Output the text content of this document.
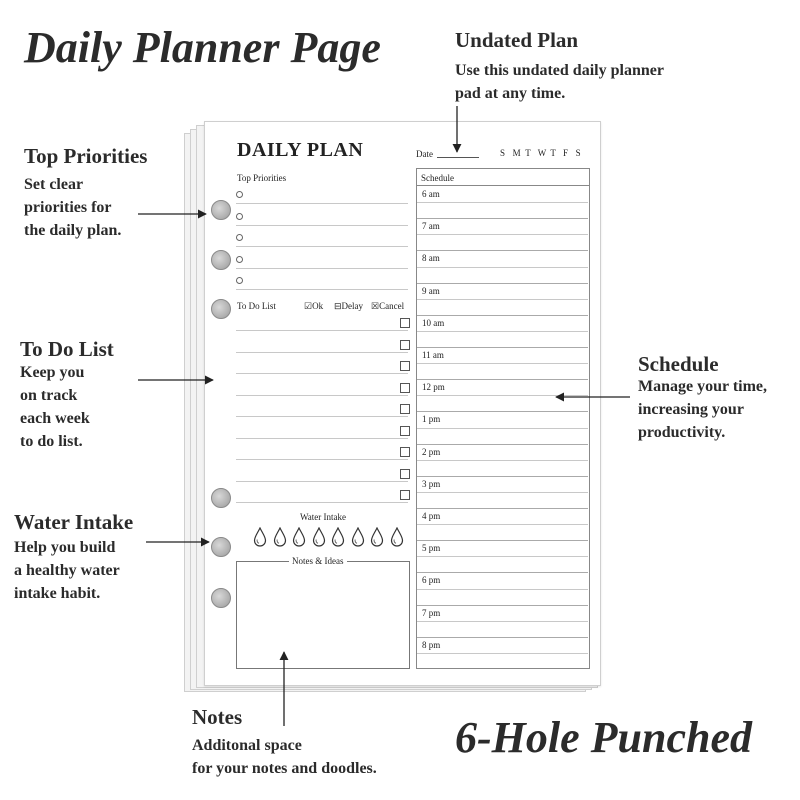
Daily Planner Page
6-Hole Punched
Undated Plan
Use this undated daily planner
pad at any time.
Top Priorities
Set clear
priorities for
the daily plan.
To Do List
Keep you
on track
each week
to do list.
Water Intake
Help you build
a healthy water
intake habit.
Schedule
Manage your time,
increasing your
productivity.
Notes
Additonal space
for your notes and doodles.
DAILY PLAN	Date	S M T W T F S
Top Priorities
To Do List	☑Ok ⊟Delay ☒Cancel
Water Intake
Notes & Ideas
Schedule
6 am
7 am
8 am
9 am
10 am
11 am
12 pm
1 pm
2 pm
3 pm
4 pm
5 pm
6 pm
7 pm
8 pm
